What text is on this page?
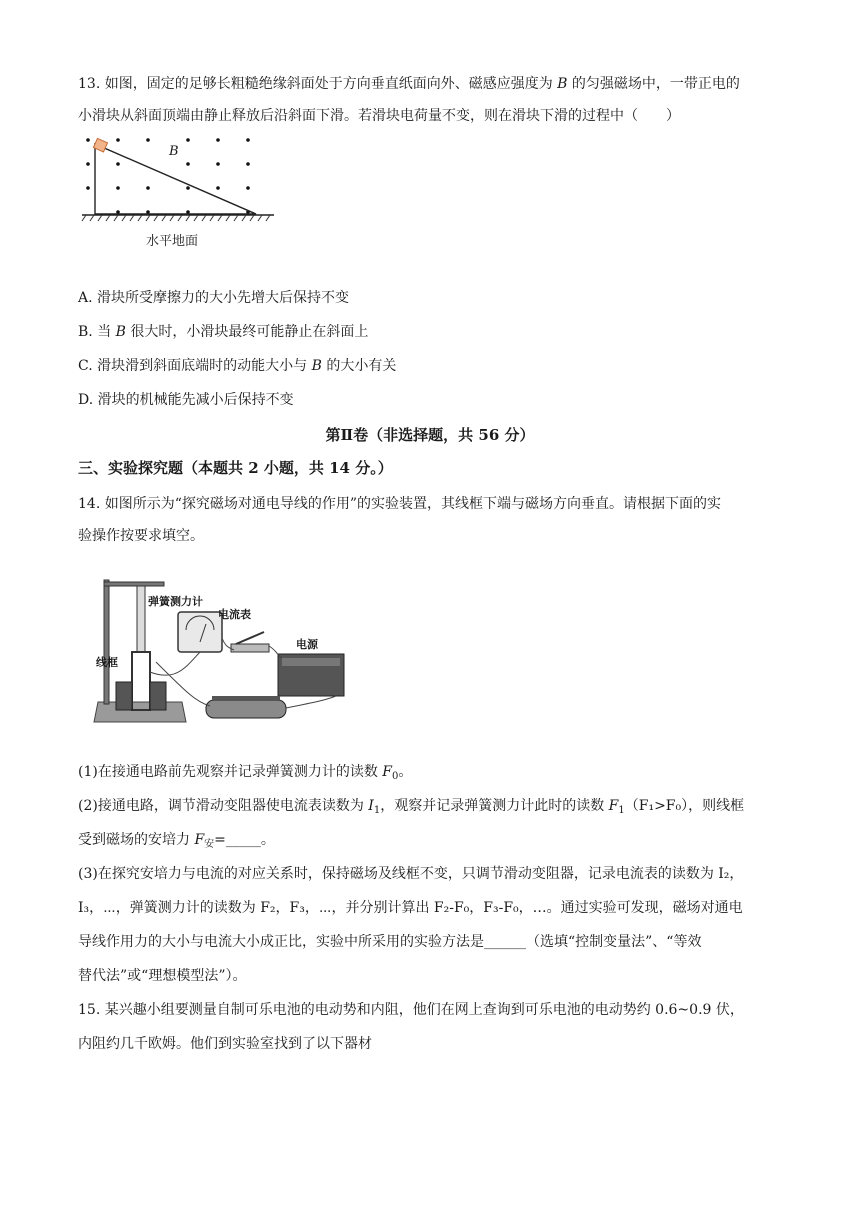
13. 如图，固定的足够长粗糙绝缘斜面处于方向垂直纸面向外、磁感应强度为 B 的匀强磁场中，一带正电的
小滑块从斜面顶端由静止释放后沿斜面下滑。若滑块电荷量不变，则在滑块下滑的过程中（　　）
B
水平地面
A. 滑块所受摩擦力的大小先增大后保持不变
B. 当 B 很大时，小滑块最终可能静止在斜面上
C. 滑块滑到斜面底端时的动能大小与 B 的大小有关
D. 滑块的机械能先减小后保持不变
第Ⅱ卷（非选择题，共 56 分）
三、实验探究题（本题共 2 小题，共 14 分。）
14. 如图所示为“探究磁场对通电导线的作用”的实验装置，其线框下端与磁场方向垂直。请根据下面的实
验操作按要求填空。
弹簧测力计
电流表
电源
线框
(1)在接通电路前先观察并记录弹簧测力计的读数 $F_0$。
(2)接通电路，调节滑动变阻器使电流表读数为 $I_1$，观察并记录弹簧测力计此时的读数 $F_1(F_1>F_0)$，则线框
受到磁场的安培力 $F_安=\_\_\_\_\_$。
(3)在探究安培力与电流的对应关系时，保持磁场及线框不变，只调节滑动变阻器，记录电流表的读数为 I₂，
I₃，⋯，弹簧测力计的读数为 F₂，F₃，⋯，并分别计算出 F₂-F₀，F₃-F₀，…。通过实验可发现，磁场对通电
导线作用力的大小与电流大小成正比，实验中所采用的实验方法是______（选填“控制变量法”、“等效
替代法”或“理想模型法”）。
15. 某兴趣小组要测量自制可乐电池的电动势和内阻，他们在网上查询到可乐电池的电动势约 0.6~0.9 伏，
内阻约几千欧姆。他们到实验室找到了以下器材
